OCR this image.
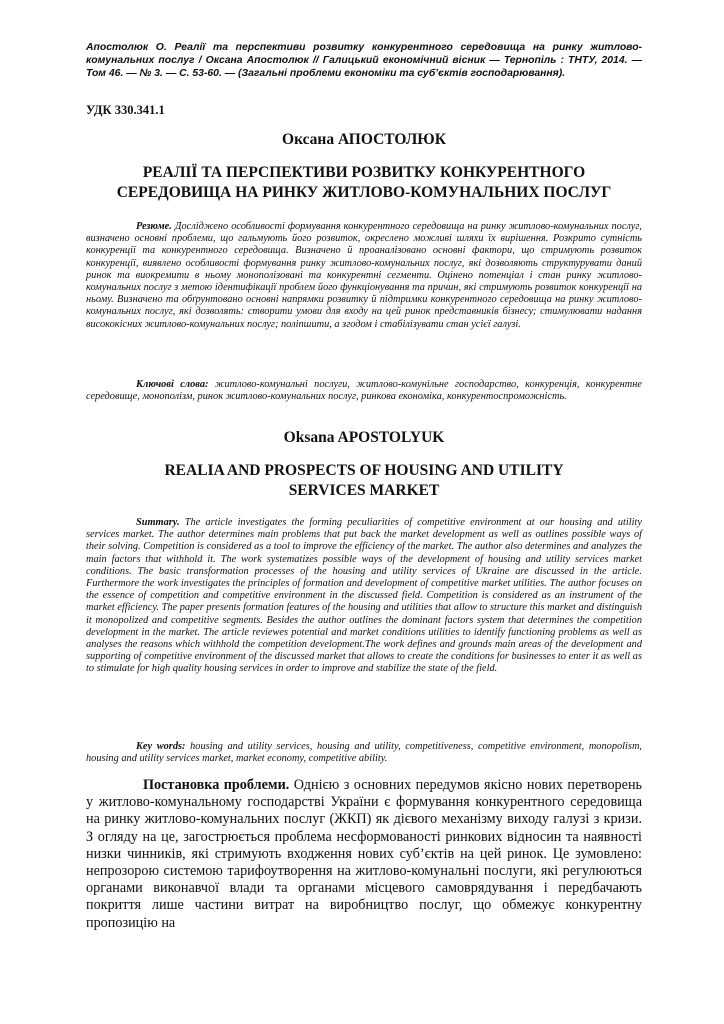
Апостолюк О. Реалії та перспективи розвитку конкурентного середовища на ринку житлово-комунальних послуг / Оксана Апостолюк // Галицький економічний вісник — Тернопіль : ТНТУ, 2014. — Том 46. — № 3. — С. 53-60. — (Загальні проблеми економіки та суб’єктів господарювання).

УДК 330.341.1

Оксана АПОСТОЛЮК

РЕАЛІЇ ТА ПЕРСПЕКТИВИ РОЗВИТКУ КОНКУРЕНТНОГО СЕРЕДОВИЩА НА РИНКУ ЖИТЛОВО-КОМУНАЛЬНИХ ПОСЛУГ

Резюме. Досліджено особливості формування конкурентного середовища на ринку житлово-комунальних послуг, визначено основні проблеми, що гальмують його розвиток, окреслено можливі шляхи їх вирішення. Розкрито сутність конкуренції та конкурентного середовища. Визначено й проаналізовано основні фактори, що стримують розвиток конкуренції, виявлено особливості формування ринку житлово-комунальних послуг, які дозволяють структурувати даний ринок та виокремити в ньому монополізовані та конкурентні сегменти. Оцінено потенціал і стан ринку житлово-комунальних послуг з метою ідентифікації проблем його функціонування та причин, які стримують розвиток конкуренції на ньому. Визначено та обґрунтовано основні напрямки розвитку й підтримки конкурентного середовища на ринку житлово-комунальних послуг, які дозволять: створити умови для входу на цей ринок представників бізнесу; стимулювати надання висококісних житлово-комунальних послуг; поліпшити, а згодом і стабілізувати стан усієї галузі.

Ключові слова: житлово-комунальні послуги, житлово-комунільне господарство, конкуренція, конкурентне середовище, монополізм, ринок житлово-комунальних послуг, ринкова економіка, конкурентоспроможність.

Oksana APOSTOLYUK

REALIA AND PROSPECTS OF HOUSING AND UTILITY SERVICES MARKET

Summary. The article investigates the forming peculiarities of competitive environment at our housing and utility services market. The author determines main problems that put back the market development as well as outlines possible ways of their solving. Competition is considered as a tool to improve the efficiency of the market. The author also determines and analyzes the main factors that withhold it. The work systematizes possible ways of the development of housing and utility services market conditions. The basic transformation processes of the housing and utility services of Ukraine are discussed in the article. Furthermore the work investigates the principles of formation and development of competitive market utilities. The author focuses on the essence of competition and competitive environment in the discussed field. Competition is considered as an instrument of the market efficiency. The paper presents formation features of the housing and utilities that allow to structure this market and distinguish it monopolized and competitive segments. Besides the author outlines the dominant factors system that determines the competition development in the market. The article reviewes potential and market conditions utilities to identify functioning problems as well as analyses the reasons which withhold the competition development.The work defines and grounds main areas of the development and supporting of competitive environment of the discussed market that allows to create the conditions for businesses to enter it as well as to stimulate for high quality housing services in order to improve and stabilize the state of the field.

Key words: housing and utility services, housing and utility, competitiveness, competitive environment, monopolism, housing and utility services market, market economy, competitive ability.

Постановка проблеми. Однією з основних передумов якісно нових перетворень у житлово-комунальному господарстві України є формування конкурентного середовища на ринку житлово-комунальних послуг (ЖКП) як дієвого механізму виходу галузі з кризи. З огляду на це, загострюється проблема несформованості ринкових відносин та наявності низки чинників, які стримують входження нових суб’єктів на цей ринок. Це зумовлено: непрозорою системою тарифоутворення на житлово-комунальні послуги, які регулюються органами виконавчої влади та органами місцевого самоврядування і передбачають покриття лише частини витрат на виробництво послуг, що обмежує конкурентну пропозицію на
